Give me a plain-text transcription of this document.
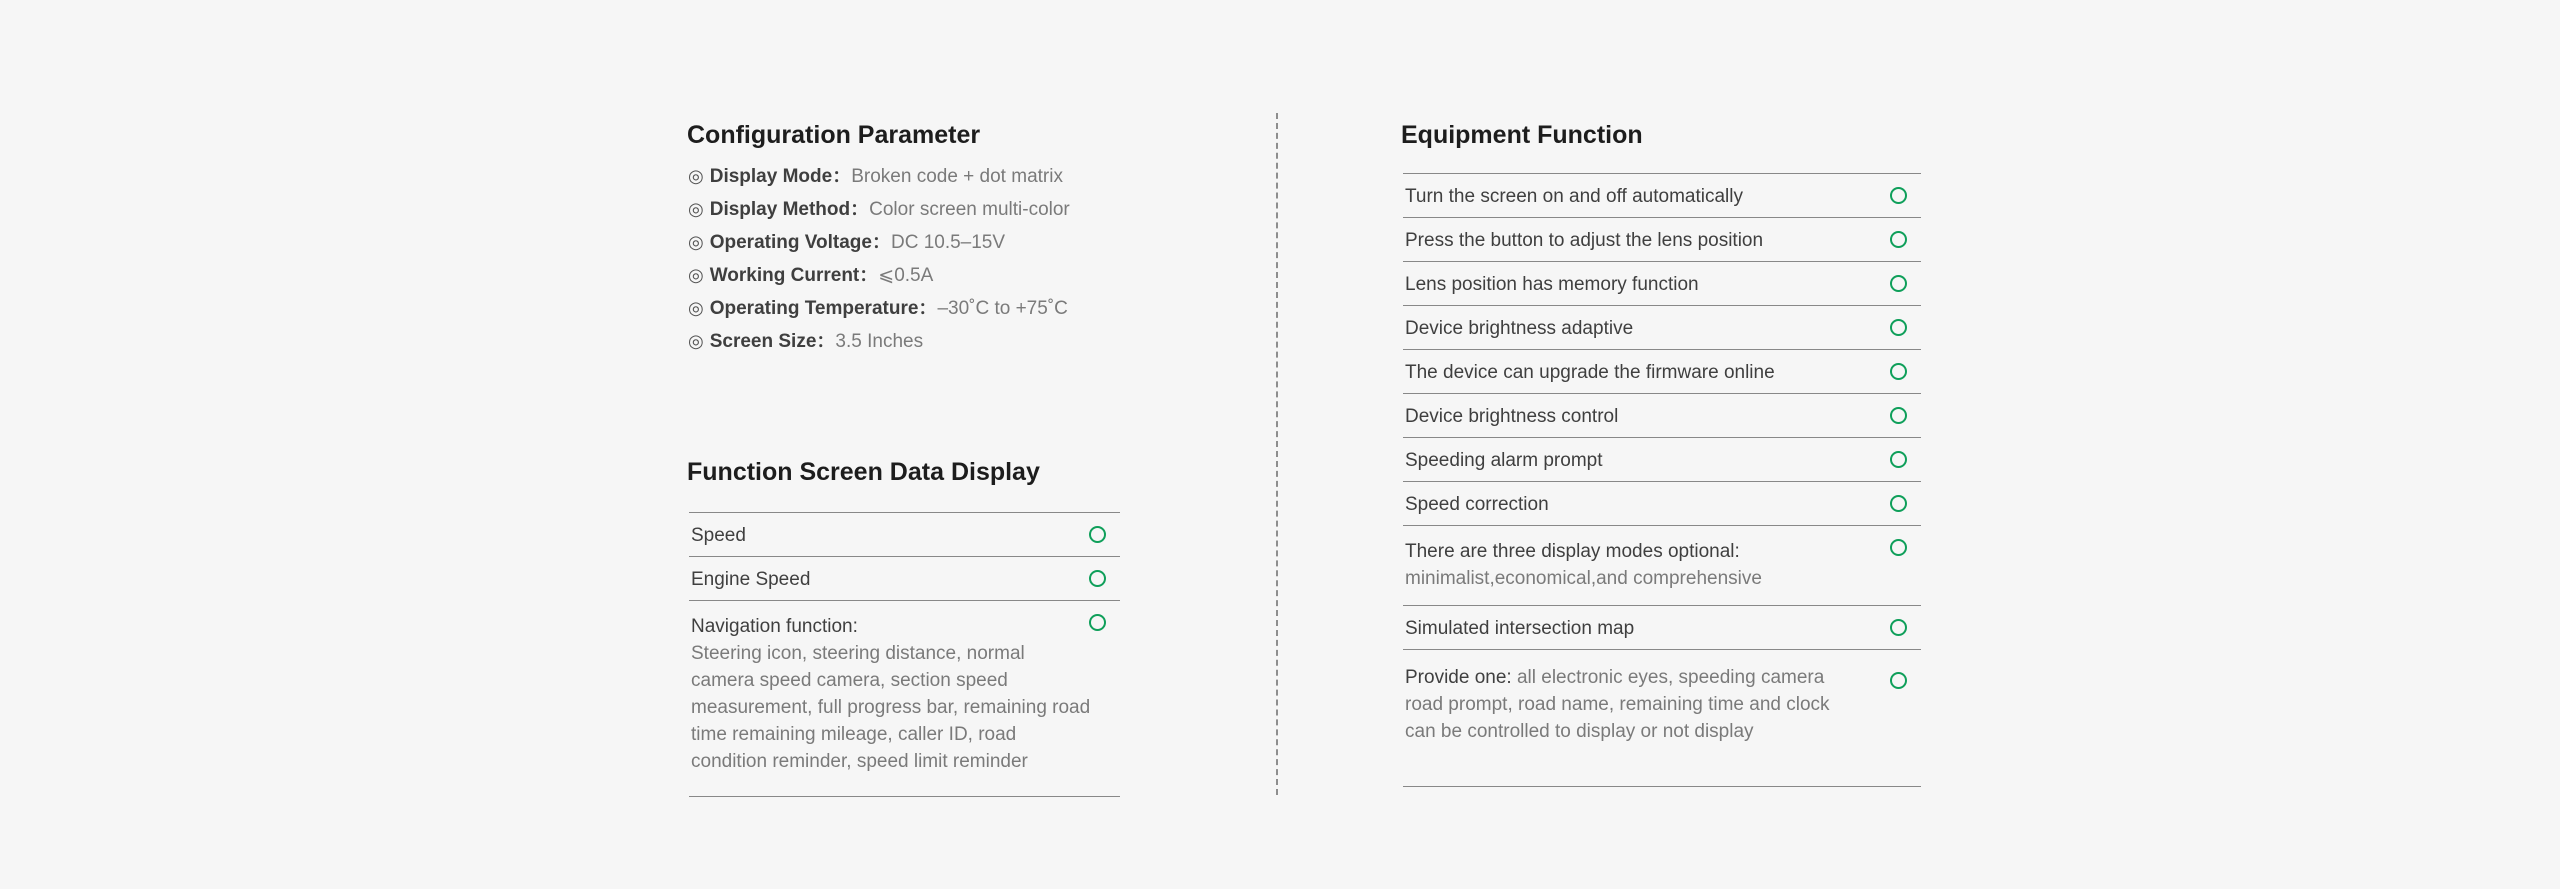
Configuration Parameter
◎ Display Mode：Broken code + dot matrix
◎ Display Method：Color screen multi-color
◎ Operating Voltage：DC 10.5–15V
◎ Working Current：⩽0.5A
◎ Operating Temperature：–30˚C to +75˚C
◎ Screen Size：3.5 Inches
Function Screen Data Display
Speed
Engine Speed
Navigation function:
Steering icon, steering distance, normal camera speed camera, section speed measurement, full progress bar, remaining road time remaining mileage, caller ID, road condition reminder, speed limit reminder
Equipment Function
Turn the screen on and off automatically
Press the button to adjust the lens position
Lens position has memory function
Device brightness adaptive
The device can upgrade the firmware online
Device brightness control
Speeding alarm prompt
Speed correction
There are three display modes optional:
minimalist,economical,and comprehensive
Simulated intersection map
Provide one: all electronic eyes, speeding camera road prompt, road name, remaining time and clock can be controlled to display or not display
